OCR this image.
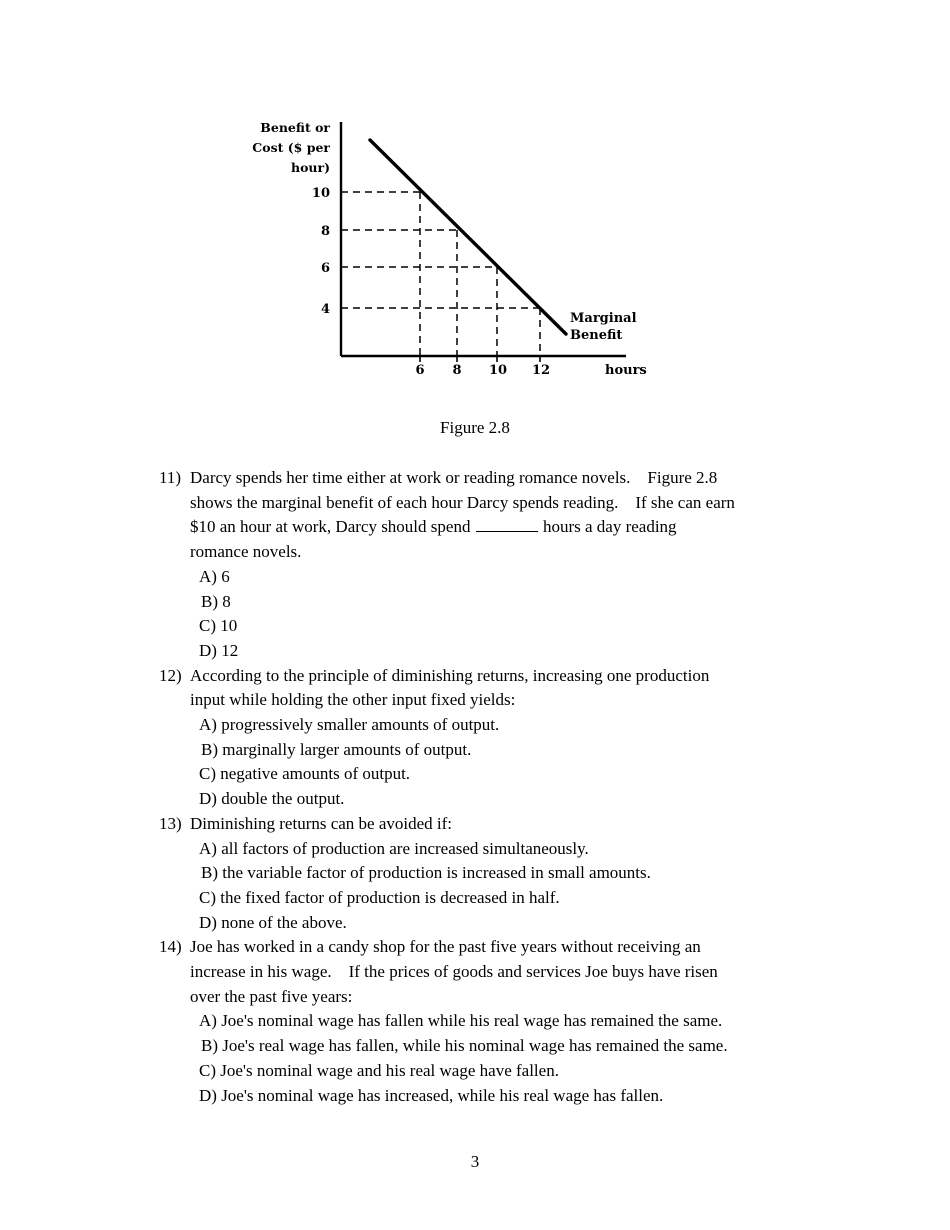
Benefit or
Cost ($ per
hour)
10
8
6
4
6 8 10 12	hours
Marginal
Benefit
Figure 2.8
11) Darcy spends her time either at work or reading romance novels.    Figure 2.8
shows the marginal benefit of each hour Darcy spends reading.    If she can earn
$10 an hour at work, Darcy should spend	hours a day reading
romance novels.
A) 6
B) 8
C) 10
D) 12
12) According to the principle of diminishing returns, increasing one production
input while holding the other input fixed yields:
A) progressively smaller amounts of output.
B) marginally larger amounts of output.
C) negative amounts of output.
D) double the output.
13) Diminishing returns can be avoided if:
A) all factors of production are increased simultaneously.
B) the variable factor of production is increased in small amounts.
C) the fixed factor of production is decreased in half.
D) none of the above.
14) Joe has worked in a candy shop for the past five years without receiving an
increase in his wage.    If the prices of goods and services Joe buys have risen
over the past five years:
A) Joe's nominal wage has fallen while his real wage has remained the same.
B) Joe's real wage has fallen, while his nominal wage has remained the same.
C) Joe's nominal wage and his real wage have fallen.
D) Joe's nominal wage has increased, while his real wage has fallen.
3
